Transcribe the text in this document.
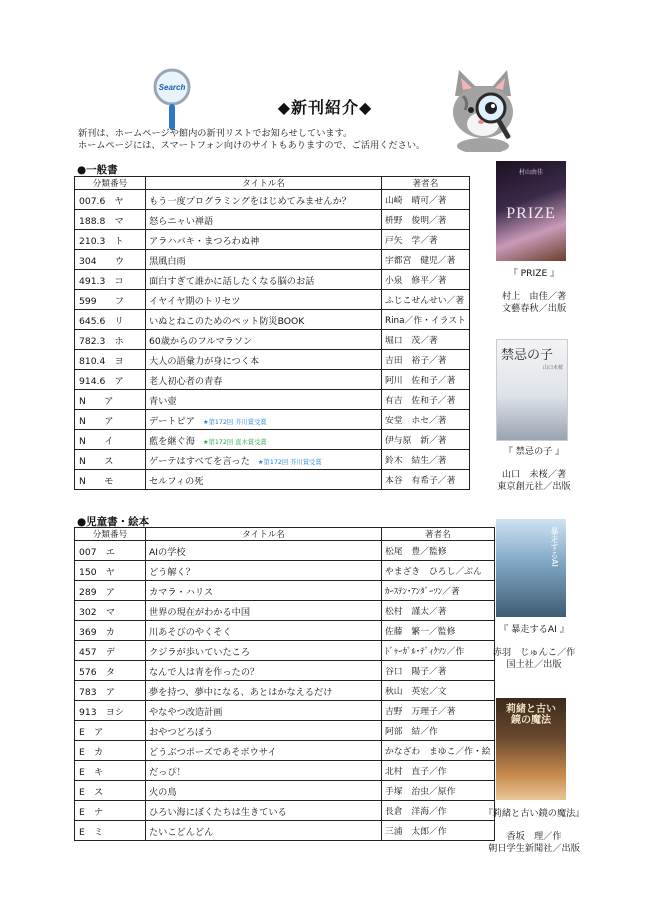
Search
◆新刊紹介◆
新刊は、ホームページや館内の新刊リストでお知らせしています。
ホームページには、スマートフォン向けのサイトもありますので、ご活用ください。
●一般書
分類番号	タイトル名	著者名
007.6　ヤ	もう一度プログラミングをはじめてみませんか？	山崎　晴可／著
188.8　マ	怒らニャい禅語	枡野　俊明／著
210.3　ト	アラハバキ・まつろわぬ神	戸矢　学／著
304　　ウ	黒風白雨	宇都宮　健児／著
491.3　コ	面白すぎて誰かに話したくなる脳のお話	小泉　修平／著
599　　フ	イヤイヤ期のトリセツ	ふじこせんせい／著
645.6　リ	いぬとねこのためのペット防災BOOK	Rina／作・イラスト
782.3　ホ	60歳からのフルマラソン	堀口　茂／著
810.4　ヨ	大人の語彙力が身につく本	吉田　裕子／著
914.6　ア	老人初心者の青春	阿川　佐和子／著
N　　ア	青い壺	有吉　佐和子／著
N　　ア	デートピア ★第172回 芥川賞受賞	安堂　ホセ／著
N　　イ	藍を継ぐ海 ★第172回 直木賞受賞	伊与原　新／著
N　　ス	ゲーテはすべてを言った ★第172回 芥川賞受賞	鈴木　結生／著
N　　モ	セルフィの死	本谷　有希子／著
●児童書・絵本
分類番号	タイトル名	著者名
007　エ	AIの学校	松尾　豊／監修
150　ヤ	どう解く？	やまざき　ひろし／ぶん
289　ア	カマラ・ハリス	ｶｰｽﾃﾝ･ｱﾝﾀﾞｰｿﾝ／著
302　マ	世界の現在がわかる中国	松村　謹太／著
369　カ	川あそびのやくそく	佐藤　繁一／監修
457　デ	クジラが歩いていたころ	ﾄﾞｩｰｶﾞﾙ･ﾃﾞｨｸｿﾝ／作
576　タ	なんで人は青を作ったの？	谷口　陽子／著
783　ア	夢を持つ、夢中になる、あとはかなえるだけ	秋山　英宏／文
913　ヨシ	やなやつ改造計画	吉野　万理子／著
E　ア	おやつどろぼう	阿部　結／作
E　カ	どうぶつポーズであそボウサイ	かなざわ　まゆこ／作・絵
E　キ	だっぴ！	北村　直子／作
E　ス	火の鳥	手塚　治虫／原作
E　ナ	ひろい海にぼくたちは生きている	長倉　洋海／作
E　ミ	たいこどんどん	三浦　太郎／作
村山由佳
PRIZE
『 PRIZE 』
村上　由佳／著
文藝春秋／出版
禁忌の子
山口未桜
『 禁忌の子 』
山口　未桜／著
東京創元社／出版
暴走するAI
『 暴走するAI 』
赤羽　じゅんこ／作
国土社／出版
莉緒と古い鏡の魔法
『莉緒と古い鏡の魔法』
香坂　理／作
朝日学生新聞社／出版
